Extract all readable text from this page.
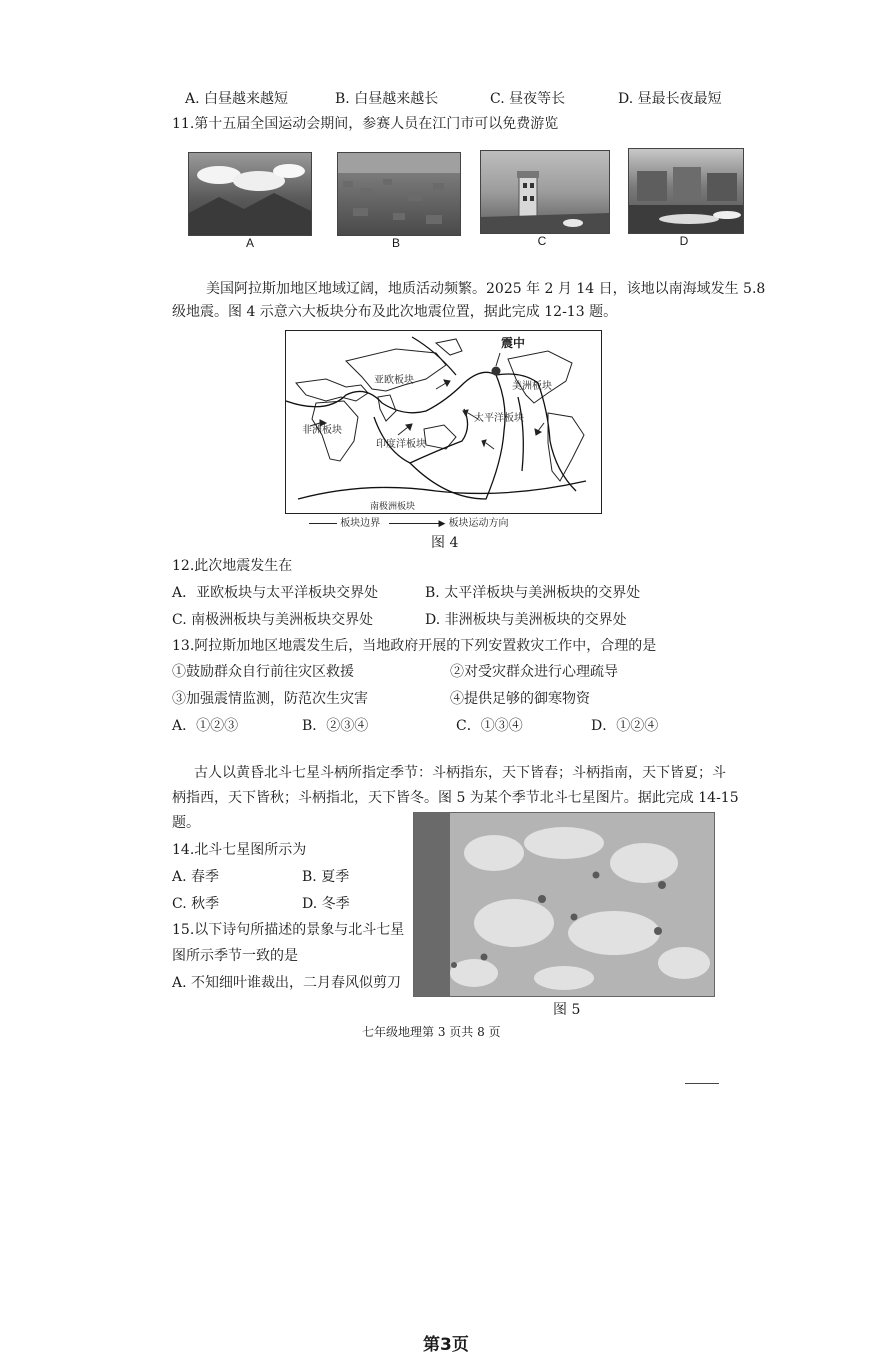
A. 白昼越来越短	B. 白昼越来越长	C. 昼夜等长	D. 昼最长夜最短
11.第十五届全国运动会期间，参赛人员在江门市可以免费游览
A	B	C	D
美国阿拉斯加地区地域辽阔，地质活动频繁。2025 年 2 月 14 日，该地以南海域发生 5.8
级地震。图 4 示意六大板块分布及此次地震位置，据此完成 12-13 题。
震中
亚欧板块
美洲板块
太平洋板块
非洲板块
印度洋板块
南极洲板块
板块边界	▶ 板块运动方向
图 4
12.此次地震发生在
A．亚欧板块与太平洋板块交界处	B. 太平洋板块与美洲板块的交界处
C. 南极洲板块与美洲板块交界处	D. 非洲板块与美洲板块的交界处
13.阿拉斯加地区地震发生后，当地政府开展的下列安置救灾工作中，合理的是
①鼓励群众自行前往灾区救援	②对受灾群众进行心理疏导
③加强震情监测，防范次生灾害	④提供足够的御寒物资
A．①②③	B．②③④	C．①③④	D．①②④
古人以黄昏北斗七星斗柄所指定季节：斗柄指东，天下皆春；斗柄指南，天下皆夏；斗
柄指西，天下皆秋；斗柄指北，天下皆冬。图 5 为某个季节北斗七星图片。据此完成 14-15
题。
14.北斗七星图所示为
A. 春季	B. 夏季
C. 秋季	D. 冬季
15.以下诗句所描述的景象与北斗七星
图所示季节一致的是
A. 不知细叶谁裁出，二月春风似剪刀
图 5
七年级地理第 3 页共 8 页
第3页
